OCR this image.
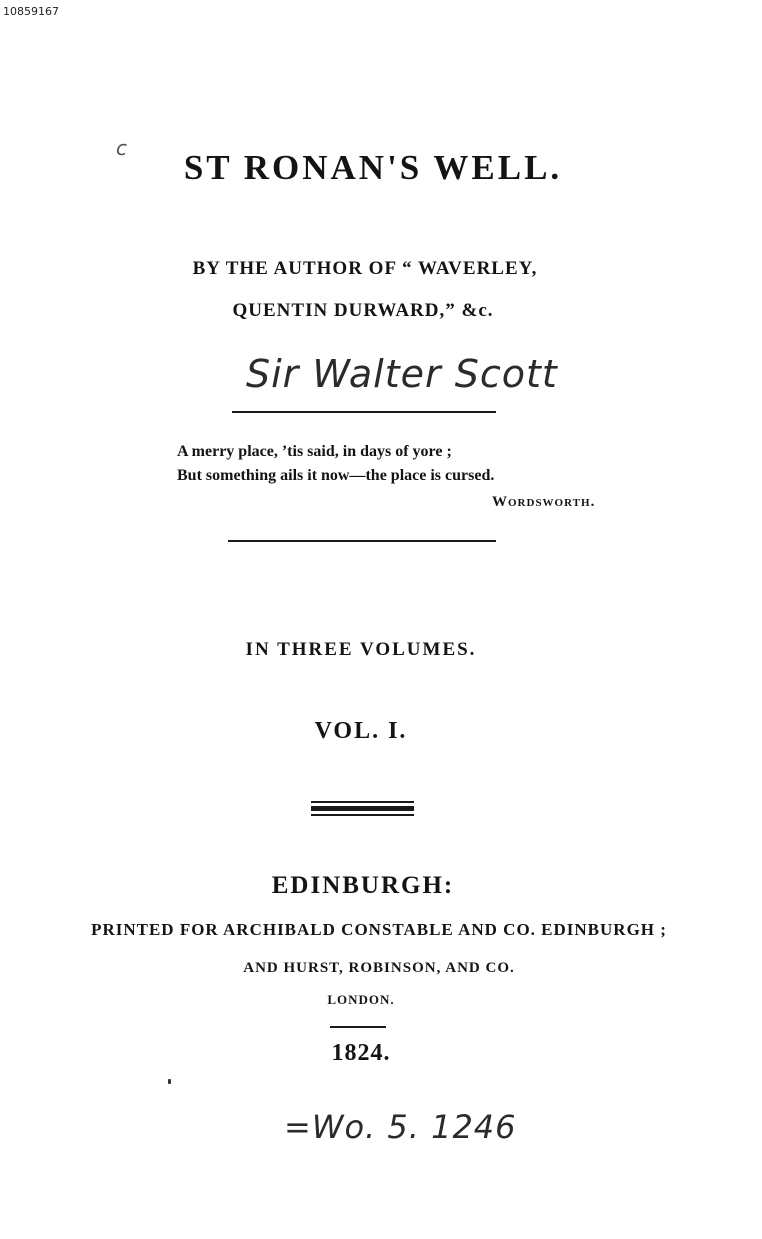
10859167
c	ST RONAN'S WELL.
BY THE AUTHOR OF “ WAVERLEY,
QUENTIN DURWARD,” &c.
Sir Walter Scott
A merry place, ’tis said, in days of yore ;
But something ails it now—the place is cursed.
Wordsworth.
IN THREE VOLUMES.
VOL. I.
EDINBURGH:
PRINTED FOR ARCHIBALD CONSTABLE AND CO. EDINBURGH ;
AND HURST, ROBINSON, AND CO.
LONDON.
1824.
=Wo. 5. 1246
